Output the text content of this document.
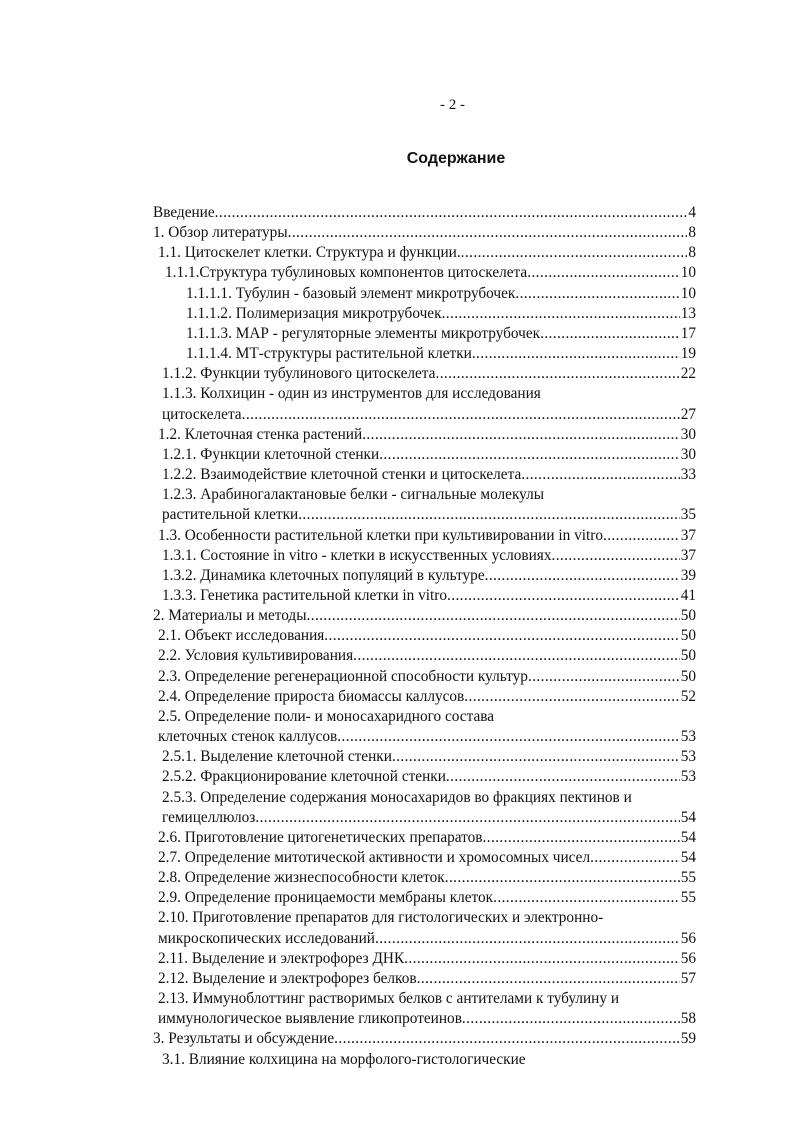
- 2 -
Содержание
Введение .....	4
1. Обзор литературы .....	8
1.1. Цитоскелет клетки. Структура и функции. .....	8
1.1.1.Структура тубулиновых компонентов цитоскелета .....	10
1.1.1.1. Тубулин - базовый элемент микротрубочек .....	10
1.1.1.2. Полимеризация микротрубочек .....	13
1.1.1.3. МАР - регуляторные элементы микротрубочек .....	17
1.1.1.4. МТ-структуры растительной клетки .....	19
1.1.2. Функции тубулинового цитоскелета .....	22
1.1.3. Колхицин - один из инструментов для исследования
цитоскелета .....	27
1.2. Клеточная стенка растений .....	30
1.2.1. Функции клеточной стенки .....	30
1.2.2. Взаимодействие клеточной стенки и цитоскелета .....	33
1.2.3. Арабиногалактановые белки - сигнальные молекулы
растительной клетки .....	35
1.3. Особенности растительной клетки при культивировании in vitro .....	37
1.3.1. Состояние in vitro - клетки в искусственных условиях .....	37
1.3.2. Динамика клеточных популяций в культуре .....	39
1.3.3. Генетика растительной клетки in vitro .....	41
2. Материалы и методы .....	50
2.1. Объект исследования .....	50
2.2. Условия культивирования .....	50
2.3. Определение регенерационной способности культур .....	50
2.4. Определение прироста биомассы каллусов .....	52
2.5. Определение поли- и моносахаридного состава
клеточных стенок каллусов .....	53
2.5.1. Выделение клеточной стенки .....	53
2.5.2. Фракционирование клеточной стенки .....	53
2.5.3. Определение содержания моносахаридов во фракциях пектинов и
гемицеллюлоз .....	54
2.6. Приготовление цитогенетических препаратов .....	54
2.7. Определение митотической активности и хромосомных чисел .....	54
2.8. Определение жизнеспособности клеток .....	55
2.9. Определение проницаемости мембраны клеток .....	55
2.10. Приготовление препаратов для гистологических и электронно-
микроскопических исследований .....	56
2.11. Выделение и электрофорез ДНК .....	56
2.12. Выделение и электрофорез белков .....	57
2.13. Иммуноблоттинг растворимых белков с антителами к тубулину и
иммунологическое выявление гликопротеинов .....	58
3. Результаты и обсуждение .....	59
3.1. Влияние колхицина на морфолого-гистологические
